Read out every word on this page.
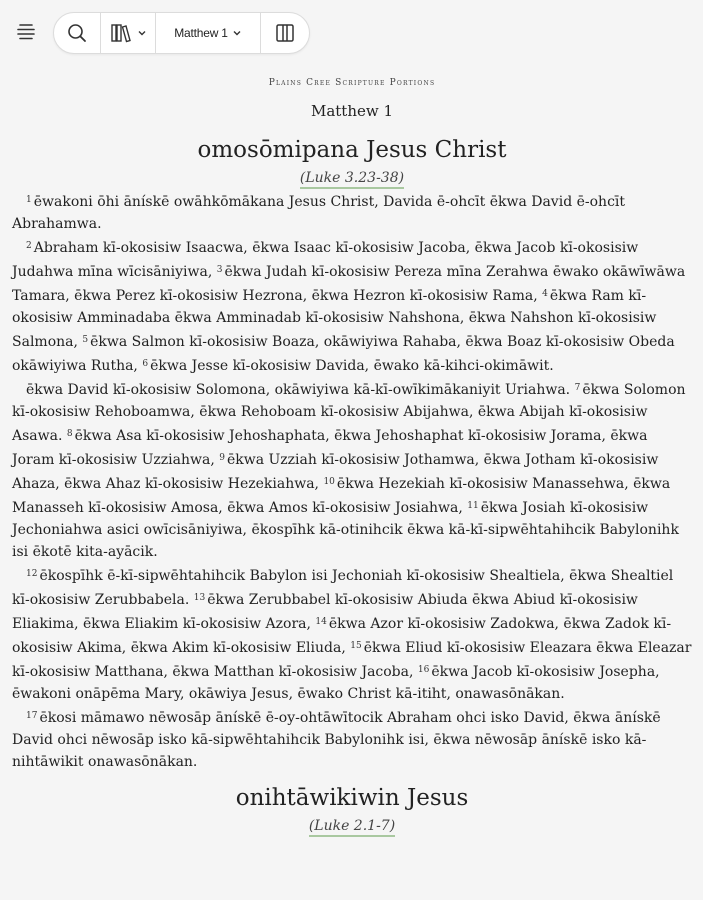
Matthew 1
Plains Cree Scripture Portions
Matthew 1
omosōmipana Jesus Christ
(Luke 3.23-38)

$^1$ ēwakoni ōhi ānískē owāhkōmākana Jesus Christ, Davida ē-ohcīt ēkwa David ē-ohcīt Abrahamwa.

$^2$ Abraham kī-okosisiw Isaacwa, ēkwa Isaac kī-okosisiw Jacoba, ēkwa Jacob kī-okosisiw Judahwa mīna wīcisāniyiwa, $^3$ ēkwa Judah kī-okosisiw Pereza mīna Zerahwa ēwako okāwīwāwa Tamara, ēkwa Perez kī-okosisiw Hezrona, ēkwa Hezron kī-okosisiw Rama, $^4$ ēkwa Ram kī-okosisiw Amminadaba ēkwa Amminadab kī-okosisiw Nahshona, ēkwa Nahshon kī-okosisiw Salmona, $^5$ ēkwa Salmon kī-okosisiw Boaza, okāwiyiwa Rahaba, ēkwa Boaz kī-okosisiw Obeda okāwiyiwa Rutha, $^6$ ēkwa Jesse kī-okosisiw Davida, ēwako kā-kihci-okimāwit.

ēkwa David kī-okosisiw Solomona, okāwiyiwa kā-kī-owīkimākaniyit Uriahwa. $^7$ ēkwa Solomon kī-okosisiw Rehoboamwa, ēkwa Rehoboam kī-okosisiw Abijahwa, ēkwa Abijah kī-okosisiw Asawa. $^8$ ēkwa Asa kī-okosisiw Jehoshaphata, ēkwa Jehoshaphat kī-okosisiw Jorama, ēkwa Joram kī-okosisiw Uzziahwa, $^9$ ēkwa Uzziah kī-okosisiw Jothamwa, ēkwa Jotham kī-okosisiw Ahaza, ēkwa Ahaz kī-okosisiw Hezekiahwa, $^{10}$ ēkwa Hezekiah kī-okosisiw Manassehwa, ēkwa Manasseh kī-okosisiw Amosa, ēkwa Amos kī-okosisiw Josiahwa, $^{11}$ ēkwa Josiah kī-okosisiw Jechoniahwa asici owīcisāniyiwa, ēkospīhk kā-otinihcik ēkwa kā-kī-sipwēhtahihcik Babylonihk isi ēkotē kita-ayācik.

$^{12}$ ēkospīhk ē-kī-sipwēhtahihcik Babylon isi Jechoniah kī-okosisiw Shealtiela, ēkwa Shealtiel kī-okosisiw Zerubbabela. $^{13}$ ēkwa Zerubbabel kī-okosisiw Abiuda ēkwa Abiud kī-okosisiw Eliakima, ēkwa Eliakim kī-okosisiw Azora, $^{14}$ ēkwa Azor kī-okosisiw Zadokwa, ēkwa Zadok kī-okosisiw Akima, ēkwa Akim kī-okosisiw Eliuda, $^{15}$ ēkwa Eliud kī-okosisiw Eleazara ēkwa Eleazar kī-okosisiw Matthana, ēkwa Matthan kī-okosisiw Jacoba, $^{16}$ ēkwa Jacob kī-okosisiw Josepha, ēwakoni onāpēma Mary, okāwiya Jesus, ēwako Christ kā-itiht, onawasōnākan.

$^{17}$ ēkosi māmawo nēwosāp ānískē ē-oy-ohtāwītocik Abraham ohci isko David, ēkwa ānískē David ohci nēwosāp isko kā-sipwēhtahihcik Babylonihk isi, ēkwa nēwosāp ānískē isko kā-nihtāwikit onawasōnākan.

onihtāwikiwin Jesus
(Luke 2.1-7)
